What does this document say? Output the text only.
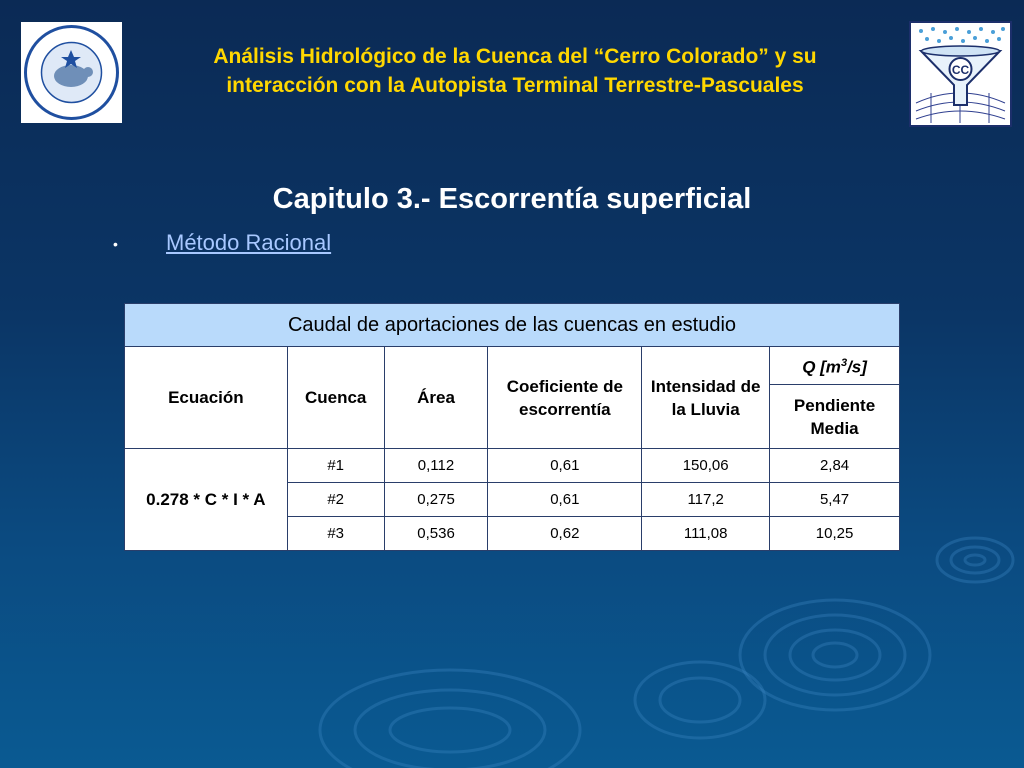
CC
Análisis Hidrológico de la Cuenca del “Cerro Colorado” y su
interacción con la Autopista Terminal Terrestre-Pascuales
Capitulo 3.- Escorrentía superficial
• Método Racional
Caudal de aportaciones de las cuencas en estudio					
Ecuación	Cuenca	Área	Coeficiente de escorrentía	Intensidad de la Lluvia	Q $[m^3/s]$
					Pendiente Media
0.278 * C * I * A	#1	0,112	0,61	150,06	2,84
	#2	0,275	0,61	117,2	5,47
	#3	0,536	0,62	111,08	10,25
